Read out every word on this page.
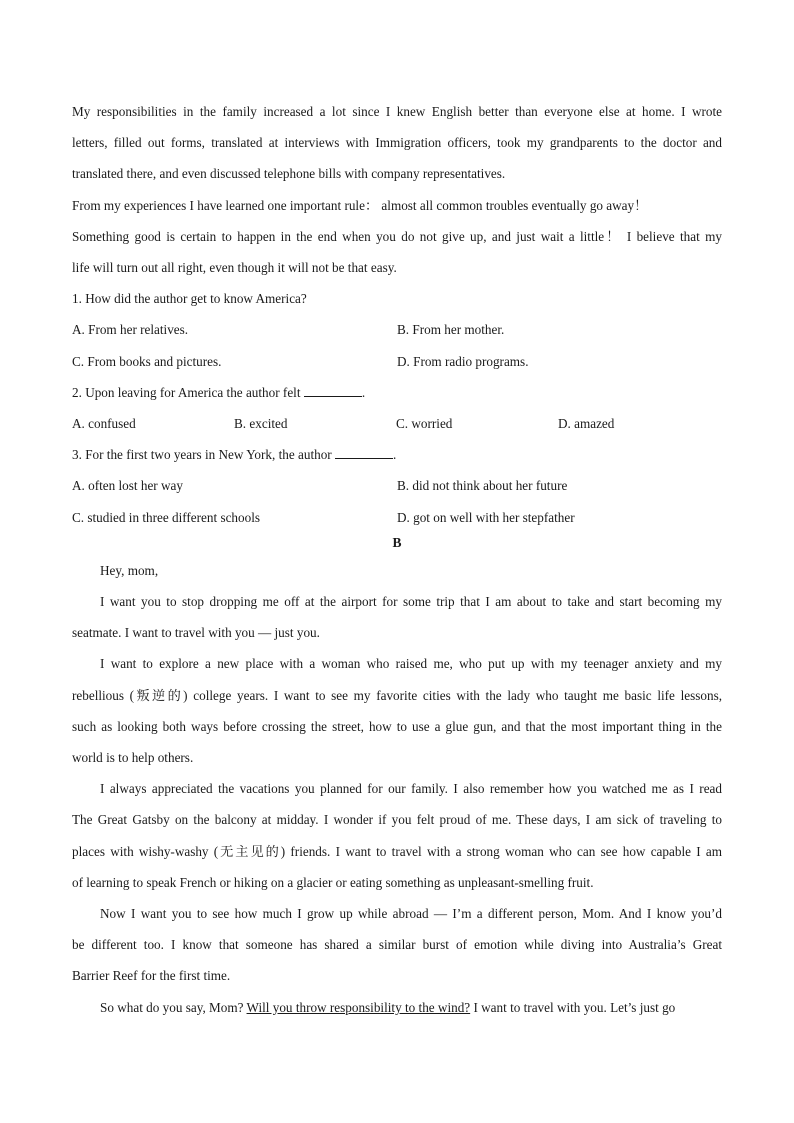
My responsibilities in the family increased a lot since I knew English better than everyone else at home. I wrote

letters, filled out forms, translated at interviews with Immigration officers, took my grandparents to the doctor and

translated there, and even discussed telephone bills with company representatives.

From my experiences I have learned one important rule： almost all common troubles eventually go away！

Something good is certain to happen in the end when you do not give up, and just wait a little！ I believe that my

life will turn out all right, even though it will not be that easy.

1. How did the author get to know America?

A. From her relatives.	B. From her mother.
C. From books and pictures.	D. From radio programs.

2. Upon leaving for America the author felt	.

A. confused	B. excited	C. worried	D. amazed

3. For the first two years in New York, the author	.

A. often lost her way	B. did not think about her future
C. studied in three different schools	D. got on well with her stepfather
B

Hey, mom,

I want you to stop dropping me off at the airport for some trip that I am about to take and start becoming my

seatmate. I want to travel with you — just you.

I want to explore a new place with a woman who raised me, who put up with my teenager anxiety and my

rebellious (叛逆的) college years. I want to see my favorite cities with the lady who taught me basic life lessons,

such as looking both ways before crossing the street, how to use a glue gun, and that the most important thing in the

world is to help others.

I always appreciated the vacations you planned for our family. I also remember how you watched me as I read

The Great Gatsby on the balcony at midday. I wonder if you felt proud of me. These days, I am sick of traveling to

places with wishy-washy (无主见的) friends. I want to travel with a strong woman who can see how capable I am

of learning to speak French or hiking on a glacier or eating something as unpleasant-smelling fruit.

Now I want you to see how much I grow up while abroad — I’m a different person, Mom. And I know you’d

be different too. I know that someone has shared a similar burst of emotion while diving into Australia’s Great

Barrier Reef for the first time.

So what do you say, Mom? Will you throw responsibility to the wind? I want to travel with you. Let’s just go
